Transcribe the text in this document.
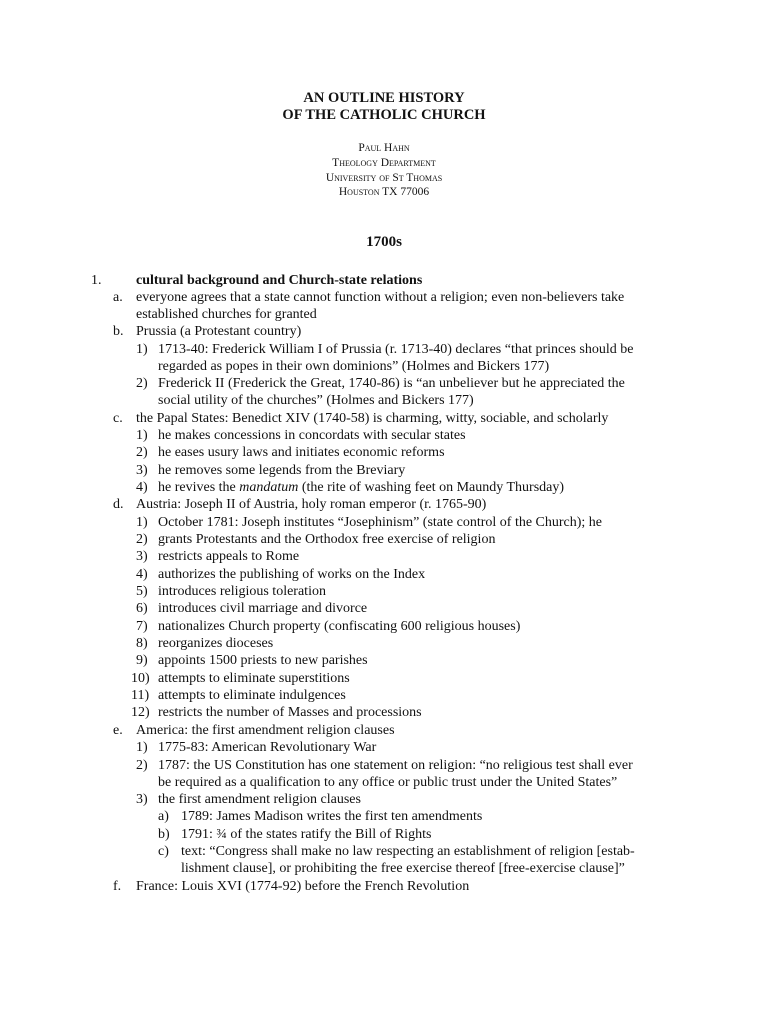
AN OUTLINE HISTORY
OF THE CATHOLIC CHURCH
Paul Hahn
Theology Department
University of St Thomas
Houston TX 77006
1700s
1. cultural background and Church-state relations
a. everyone agrees that a state cannot function without a religion; even non-believers take
established churches for granted
b. Prussia (a Protestant country)
1) 1713-40: Frederick William I of Prussia (r. 1713-40) declares “that princes should be
regarded as popes in their own dominions” (Holmes and Bickers 177)
2) Frederick II (Frederick the Great, 1740-86) is “an unbeliever but he appreciated the
social utility of the churches” (Holmes and Bickers 177)
c. the Papal States: Benedict XIV (1740-58) is charming, witty, sociable, and scholarly
1) he makes concessions in concordats with secular states
2) he eases usury laws and initiates economic reforms
3) he removes some legends from the Breviary
4) he revives the mandatum (the rite of washing feet on Maundy Thursday)
d. Austria: Joseph II of Austria, holy roman emperor (r. 1765-90)
1) October 1781: Joseph institutes “Josephinism” (state control of the Church); he
2) grants Protestants and the Orthodox free exercise of religion
3) restricts appeals to Rome
4) authorizes the publishing of works on the Index
5) introduces religious toleration
6) introduces civil marriage and divorce
7) nationalizes Church property (confiscating 600 religious houses)
8) reorganizes dioceses
9) appoints 1500 priests to new parishes
10) attempts to eliminate superstitions
11) attempts to eliminate indulgences
12) restricts the number of Masses and processions
e. America: the first amendment religion clauses
1) 1775-83: American Revolutionary War
2) 1787: the US Constitution has one statement on religion: “no religious test shall ever
be required as a qualification to any office or public trust under the United States”
3) the first amendment religion clauses
a) 1789: James Madison writes the first ten amendments
b) 1791: ¾ of the states ratify the Bill of Rights
c) text: “Congress shall make no law respecting an establishment of religion [estab-
lishment clause], or prohibiting the free exercise thereof [free-exercise clause]”
f. France: Louis XVI (1774-92) before the French Revolution
